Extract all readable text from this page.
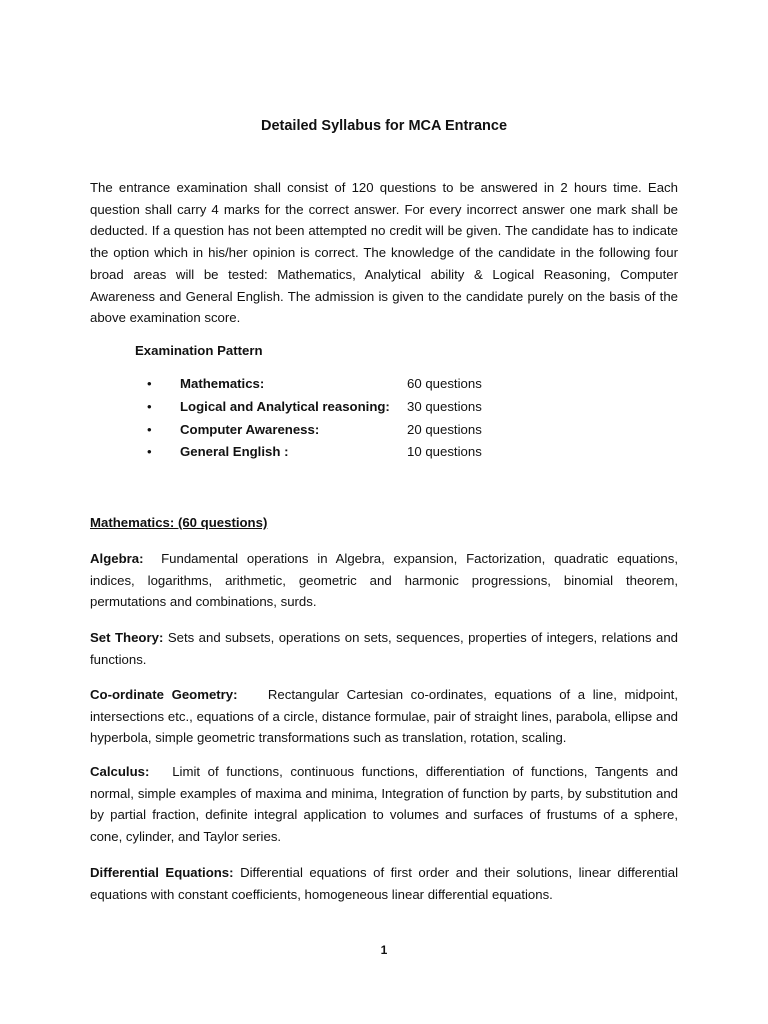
Detailed Syllabus for MCA Entrance

The entrance examination shall consist of 120 questions to be answered in 2 hours time. Each question shall carry 4 marks for the correct answer. For every incorrect answer one mark shall be deducted. If a question has not been attempted no credit will be given. The candidate has to indicate the option which in his/her opinion is correct. The knowledge of the candidate in the following four broad areas will be tested: Mathematics, Analytical ability & Logical Reasoning, Computer Awareness and General English. The admission is given to the candidate purely on the basis of the above examination score.

Examination Pattern
• Mathematics:	60 questions
• Logical and Analytical reasoning: 30 questions
• Computer Awareness:	20 questions
• General English :	10 questions
Mathematics: (60 questions)

Algebra: Fundamental operations in Algebra, expansion, Factorization, quadratic equations, indices, logarithms, arithmetic, geometric and harmonic progressions, binomial theorem, permutations and combinations, surds.

Set Theory: Sets and subsets, operations on sets, sequences, properties of integers, relations and functions.

Co-ordinate Geometry: Rectangular Cartesian co-ordinates, equations of a line, midpoint, intersections etc., equations of a circle, distance formulae, pair of straight lines, parabola, ellipse and hyperbola, simple geometric transformations such as translation, rotation, scaling.

Calculus: Limit of functions, continuous functions, differentiation of functions, Tangents and normal, simple examples of maxima and minima, Integration of function by parts, by substitution and by partial fraction, definite integral application to volumes and surfaces of frustums of a sphere, cone, cylinder, and Taylor series.

Differential Equations: Differential equations of first order and their solutions, linear differential equations with constant coefficients, homogeneous linear differential equations.

1
